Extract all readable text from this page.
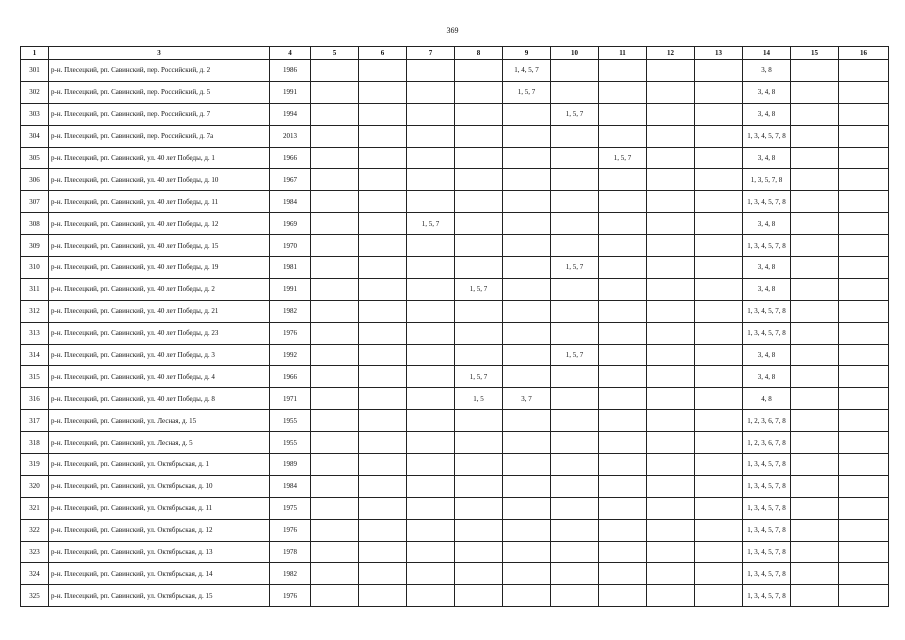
369
1	3	4	5	6	7	8	9	10	11	12	13	14	15	16
301	р-н. Плесецкий, рп. Савинский, пер. Российский, д. 2	1986					1, 4, 5, 7					3, 8		
302	р-н. Плесецкий, рп. Савинский, пер. Российский, д. 5	1991					1, 5, 7					3, 4, 8		
303	р-н. Плесецкий, рп. Савинский, пер. Российский, д. 7	1994						1, 5, 7				3, 4, 8		
304	р-н. Плесецкий, рп. Савинский, пер. Российский, д. 7а	2013										1, 3, 4, 5, 7, 8		
305	р-н. Плесецкий, рп. Савинский, ул. 40 лет Победы, д. 1	1966							1, 5, 7			3, 4, 8		
306	р-н. Плесецкий, рп. Савинский, ул. 40 лет Победы, д. 10	1967										1, 3, 5, 7, 8		
307	р-н. Плесецкий, рп. Савинский, ул. 40 лет Победы, д. 11	1984										1, 3, 4, 5, 7, 8		
308	р-н. Плесецкий, рп. Савинский, ул. 40 лет Победы, д. 12	1969			1, 5, 7							3, 4, 8		
309	р-н. Плесецкий, рп. Савинский, ул. 40 лет Победы, д. 15	1970										1, 3, 4, 5, 7, 8		
310	р-н. Плесецкий, рп. Савинский, ул. 40 лет Победы, д. 19	1981						1, 5, 7				3, 4, 8		
311	р-н. Плесецкий, рп. Савинский, ул. 40 лет Победы, д. 2	1991				1, 5, 7						3, 4, 8		
312	р-н. Плесецкий, рп. Савинский, ул. 40 лет Победы, д. 21	1982										1, 3, 4, 5, 7, 8		
313	р-н. Плесецкий, рп. Савинский, ул. 40 лет Победы, д. 23	1976										1, 3, 4, 5, 7, 8		
314	р-н. Плесецкий, рп. Савинский, ул. 40 лет Победы, д. 3	1992						1, 5, 7				3, 4, 8		
315	р-н. Плесецкий, рп. Савинский, ул. 40 лет Победы, д. 4	1966				1, 5, 7						3, 4, 8		
316	р-н. Плесецкий, рп. Савинский, ул. 40 лет Победы, д. 8	1971				1, 5	3, 7					4, 8		
317	р-н. Плесецкий, рп. Савинский, ул. Лесная, д. 15	1955										1, 2, 3, 6, 7, 8		
318	р-н. Плесецкий, рп. Савинский, ул. Лесная, д. 5	1955										1, 2, 3, 6, 7, 8		
319	р-н. Плесецкий, рп. Савинский, ул. Октябрьская, д. 1	1989										1, 3, 4, 5, 7, 8		
320	р-н. Плесецкий, рп. Савинский, ул. Октябрьская, д. 10	1984										1, 3, 4, 5, 7, 8		
321	р-н. Плесецкий, рп. Савинский, ул. Октябрьская, д. 11	1975										1, 3, 4, 5, 7, 8		
322	р-н. Плесецкий, рп. Савинский, ул. Октябрьская, д. 12	1976										1, 3, 4, 5, 7, 8		
323	р-н. Плесецкий, рп. Савинский, ул. Октябрьская, д. 13	1978										1, 3, 4, 5, 7, 8		
324	р-н. Плесецкий, рп. Савинский, ул. Октябрьская, д. 14	1982										1, 3, 4, 5, 7, 8		
325	р-н. Плесецкий, рп. Савинский, ул. Октябрьская, д. 15	1976										1, 3, 4, 5, 7, 8		
